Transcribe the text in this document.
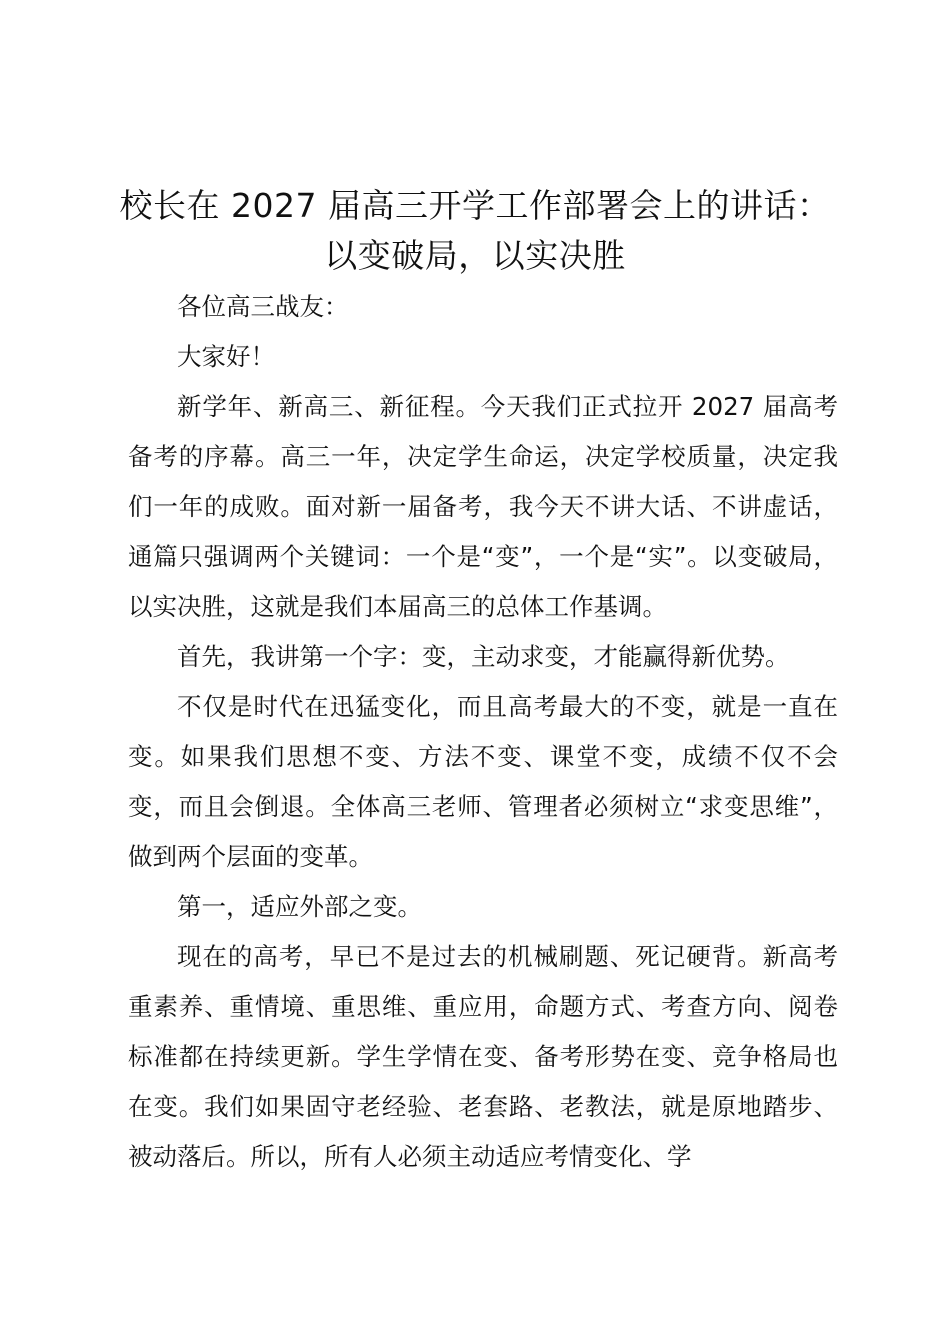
校长在 2027 届高三开学工作部署会上的讲话：
以变破局，以实决胜

各位高三战友：

大家好！

新学年、新高三、新征程。今天我们正式拉开 2027 届高考备考的序幕。高三一年，决定学生命运，决定学校质量，决定我们一年的成败。面对新一届备考，我今天不讲大话、不讲虚话，通篇只强调两个关键词：一个是“变”，一个是“实”。以变破局，以实决胜，这就是我们本届高三的总体工作基调。

首先，我讲第一个字：变，主动求变，才能赢得新优势。

不仅是时代在迅猛变化，而且高考最大的不变，就是一直在变。如果我们思想不变、方法不变、课堂不变，成绩不仅不会变，而且会倒退。全体高三老师、管理者必须树立“求变思维”，做到两个层面的变革。

第一，适应外部之变。

现在的高考，早已不是过去的机械刷题、死记硬背。新高考重素养、重情境、重思维、重应用，命题方式、考查方向、阅卷标准都在持续更新。学生学情在变、备考形势在变、竞争格局也在变。我们如果固守老经验、老套路、老教法，就是原地踏步、被动落后。所以，所有人必须主动适应考情变化、学
